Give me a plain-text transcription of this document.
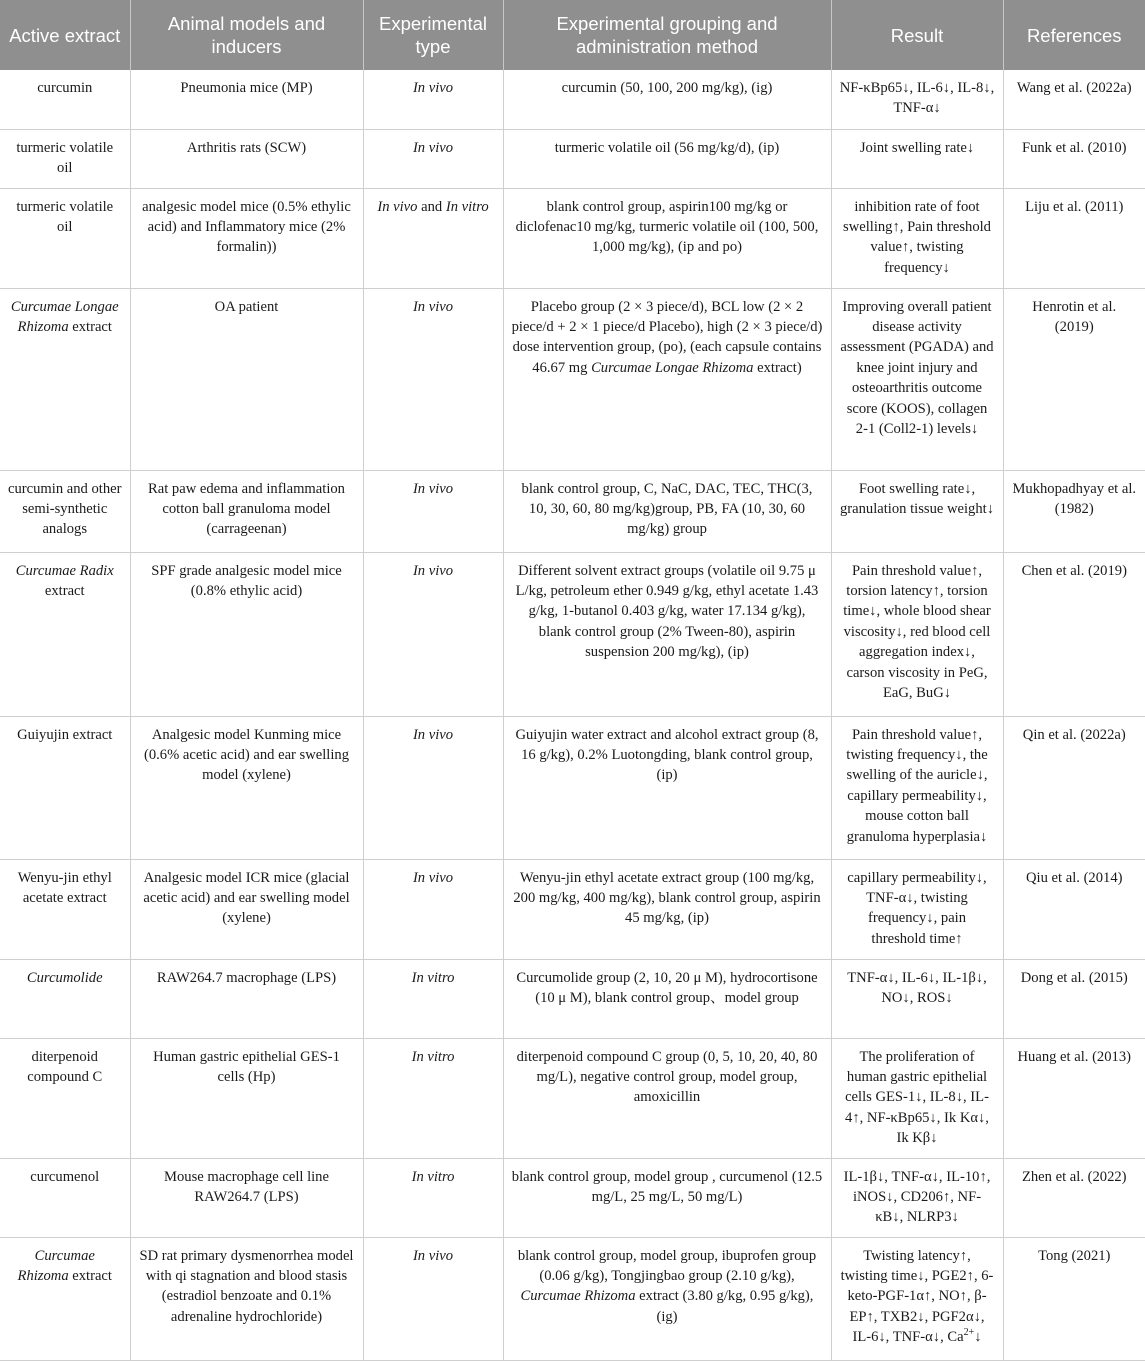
Active extract	Animal models and inducers	Experimental type	Experimental grouping and administration method	Result	References
curcumin	Pneumonia mice (MP)	In vivo	curcumin (50, 100, 200 mg/kg), (ig)	NF-κBp65↓, IL-6↓, IL-8↓, TNF-α↓	Wang et al. (2022a)
turmeric volatile oil	Arthritis rats (SCW)	In vivo	turmeric volatile oil (56 mg/kg/d), (ip)	Joint swelling rate↓	Funk et al. (2010)
turmeric volatile oil	analgesic model mice (0.5% ethylic acid) and Inflammatory mice (2% formalin))	In vivo and In vitro	blank control group, aspirin100 mg/kg or diclofenac10 mg/kg, turmeric volatile oil (100, 500, 1,000 mg/kg), (ip and po)	inhibition rate of foot swelling↑, Pain threshold value↑, twisting frequency↓	Liju et al. (2011)
Curcumae Longae Rhizoma extract	OA patient	In vivo	Placebo group (2 × 3 piece/d), BCL low (2 × 2 piece/d + 2 × 1 piece/d Placebo), high (2 × 3 piece/d) dose intervention group, (po), (each capsule contains 46.67 mg Curcumae Longae Rhizoma extract)	Improving overall patient disease activity assessment (PGADA) and knee joint injury and osteoarthritis outcome score (KOOS), collagen 2-1 (Coll2-1) levels↓	Henrotin et al. (2019)
curcumin and other semi-synthetic analogs	Rat paw edema and inflammation cotton ball granuloma model (carrageenan)	In vivo	blank control group, C, NaC, DAC, TEC, THC(3, 10, 30, 60, 80 mg/kg)group, PB, FA (10, 30, 60 mg/kg) group	Foot swelling rate↓, granulation tissue weight↓	Mukhopadhyay et al. (1982)
Curcumae Radix extract	SPF grade analgesic model mice (0.8% ethylic acid)	In vivo	Different solvent extract groups (volatile oil 9.75 μ L/kg, petroleum ether 0.949 g/kg, ethyl acetate 1.43 g/kg, 1-butanol 0.403 g/kg, water 17.134 g/kg), blank control group (2% Tween-80), aspirin suspension 200 mg/kg), (ip)	Pain threshold value↑, torsion latency↑, torsion time↓, whole blood shear viscosity↓, red blood cell aggregation index↓, carson viscosity in PeG, EaG, BuG↓	Chen et al. (2019)
Guiyujin extract	Analgesic model Kunming mice (0.6% acetic acid) and ear swelling model (xylene)	In vivo	Guiyujin water extract and alcohol extract group (8, 16 g/kg), 0.2% Luotongding, blank control group, (ip)	Pain threshold value↑, twisting frequency↓, the swelling of the auricle↓, capillary permeability↓, mouse cotton ball granuloma hyperplasia↓	Qin et al. (2022a)
Wenyu-jin ethyl acetate extract	Analgesic model ICR mice (glacial acetic acid) and ear swelling model (xylene)	In vivo	Wenyu-jin ethyl acetate extract group (100 mg/kg, 200 mg/kg, 400 mg/kg), blank control group, aspirin 45 mg/kg, (ip)	capillary permeability↓, TNF-α↓, twisting frequency↓, pain threshold time↑	Qiu et al. (2014)
Curcumolide	RAW264.7 macrophage (LPS)	In vitro	Curcumolide group (2, 10, 20 μ M), hydrocortisone (10 μ M), blank control group、model group	TNF-α↓, IL-6↓, IL-1β↓, NO↓, ROS↓	Dong et al. (2015)
diterpenoid compound C	Human gastric epithelial GES-1 cells (Hp)	In vitro	diterpenoid compound C group (0, 5, 10, 20, 40, 80 mg/L), negative control group, model group, amoxicillin	The proliferation of human gastric epithelial cells GES-1↓, IL-8↓, IL-4↑, NF-κBp65↓, Ik Kα↓, Ik Kβ↓	Huang et al. (2013)
curcumenol	Mouse macrophage cell line RAW264.7 (LPS)	In vitro	blank control group, model group , curcumenol (12.5 mg/L, 25 mg/L, 50 mg/L)	IL-1β↓, TNF-α↓, IL-10↑, iNOS↓, CD206↑, NF-κB↓, NLRP3↓	Zhen et al. (2022)
Curcumae Rhizoma extract	SD rat primary dysmenorrhea model with qi stagnation and blood stasis (estradiol benzoate and 0.1% adrenaline hydrochloride)	In vivo	blank control group, model group, ibuprofen group (0.06 g/kg), Tongjingbao group (2.10 g/kg), Curcumae Rhizoma extract (3.80 g/kg, 0.95 g/kg), (ig)	Twisting latency↑, twisting time↓, PGE2↑, 6-keto-PGF-1α↑, NO↑, β-EP↑, TXB2↓, PGF2α↓, IL-6↓, TNF-α↓, $Ca^{2+}↓$	Tong (2021)
